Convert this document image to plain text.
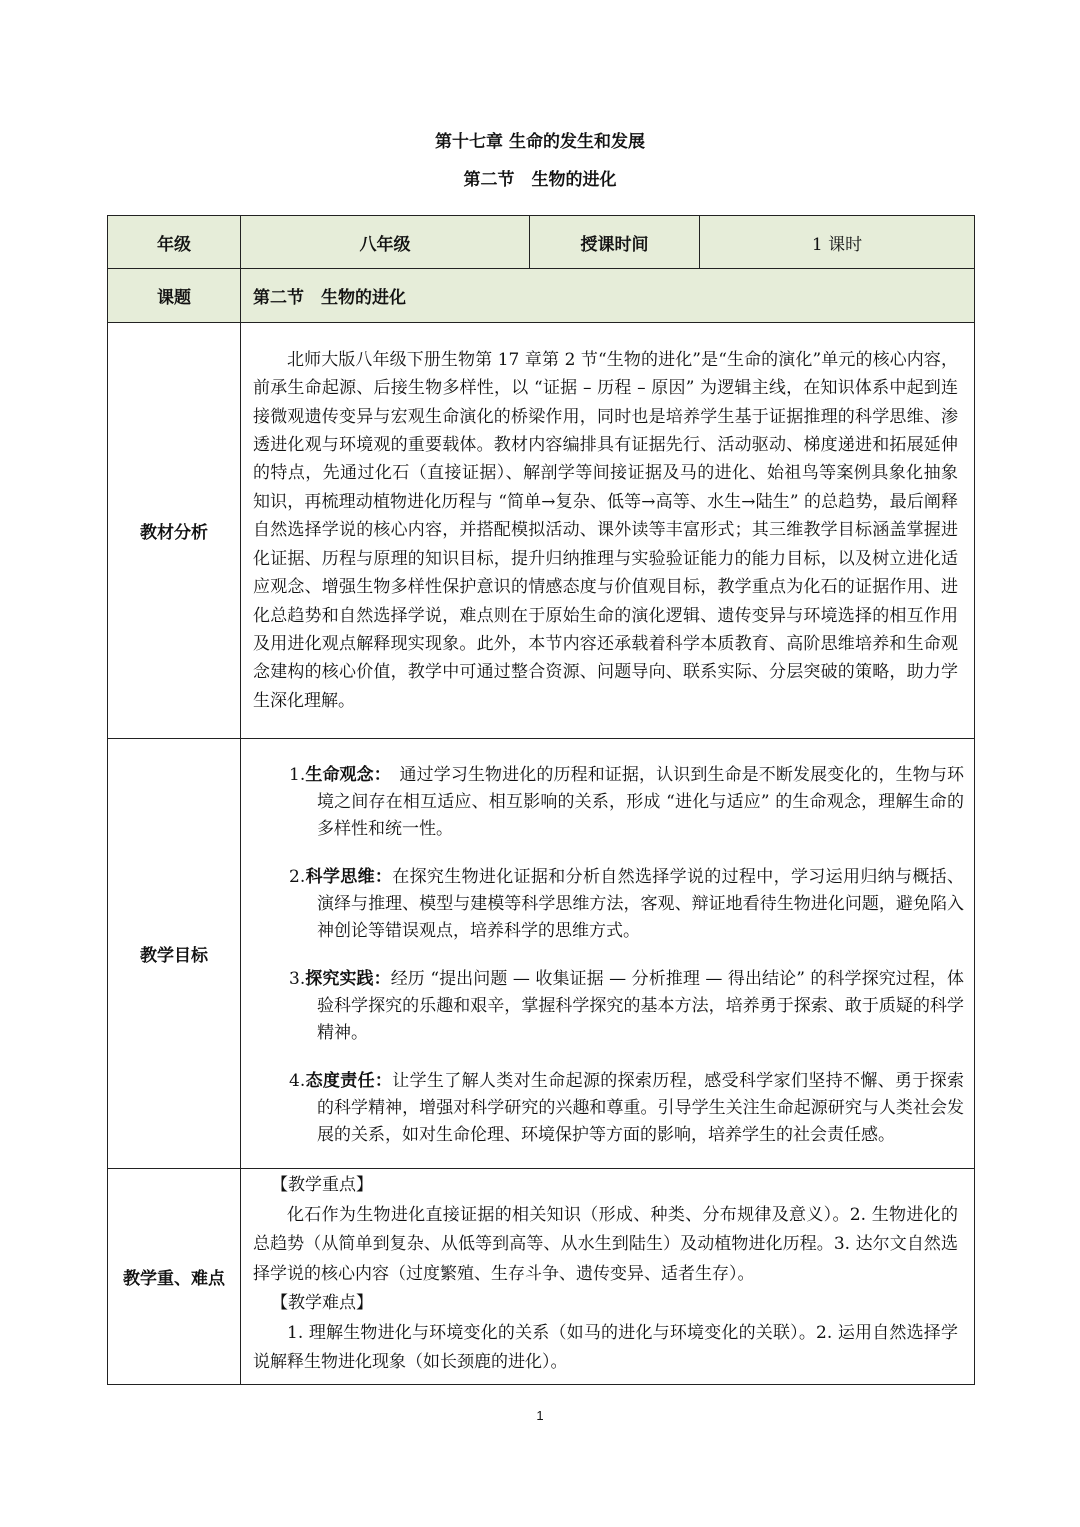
第十七章 生命的发生和发展
第二节　生物的进化
年级	八年级	授课时间	1 课时
课题	第二节　生物的进化		
教材分析	北师大版八年级下册生物第 17 章第 2 节“生物的进化”是“生命的演化”单元的核心内容，前承生命起源、后接生物多样性，以 “证据 – 历程 – 原因” 为逻辑主线，在知识体系中起到连接微观遗传变异与宏观生命演化的桥梁作用，同时也是培养学生基于证据推理的科学思维、渗透进化观与环境观的重要载体。教材内容编排具有证据先行、活动驱动、梯度递进和拓展延伸的特点，先通过化石（直接证据）、解剖学等间接证据及马的进化、始祖鸟等案例具象化抽象知识，再梳理动植物进化历程与 “简单→复杂、低等→高等、水生→陆生” 的总趋势，最后阐释自然选择学说的核心内容，并搭配模拟活动、课外读等丰富形式；其三维教学目标涵盖掌握进化证据、历程与原理的知识目标，提升归纳推理与实验验证能力的能力目标，以及树立进化适应观念、增强生物多样性保护意识的情感态度与价值观目标，教学重点为化石的证据作用、进化总趋势和自然选择学说，难点则在于原始生命的演化逻辑、遗传变异与环境选择的相互作用及用进化观点解释现实现象。此外，本节内容还承载着科学本质教育、高阶思维培养和生命观念建构的核心价值，教学中可通过整合资源、问题导向、联系实际、分层突破的策略，助力学生深化理解。		

教学目标	1.生命观念：　通过学习生物进化的历程和证据，认识到生命是不断发展变化的，生物与环境之间存在相互适应、相互影响的关系，形成 “进化与适应” 的生命观念，理解生命的多样性和统一性。

2.科学思维：在探究生物进化证据和分析自然选择学说的过程中，学习运用归纳与概括、演绎与推理、模型与建模等科学思维方法，客观、辩证地看待生物进化问题，避免陷入神创论等错误观点，培养科学的思维方式。

3.探究实践：经历 “提出问题 — 收集证据 — 分析推理 — 得出结论” 的科学探究过程，体验科学探究的乐趣和艰辛，掌握科学探究的基本方法，培养勇于探索、敢于质疑的科学精神。

4.态度责任：让学生了解人类对生命起源的探索历程，感受科学家们坚持不懈、勇于探索的科学精神，增强对科学研究的兴趣和尊重。引导学生关注生命起源研究与人类社会发展的关系，如对生命伦理、环境保护等方面的影响，培养学生的社会责任感。		

教学重、难点	【教学重点】

化石作为生物进化直接证据的相关知识（形成、种类、分布规律及意义）。2. 生物进化的总趋势（从简单到复杂、从低等到高等、从水生到陆生）及动植物进化历程。3. 达尔文自然选择学说的核心内容（过度繁殖、生存斗争、遗传变异、适者生存）。

【教学难点】

1. 理解生物进化与环境变化的关系（如马的进化与环境变化的关联）。2. 运用自然选择学说解释生物进化现象（如长颈鹿的进化）。		

1
